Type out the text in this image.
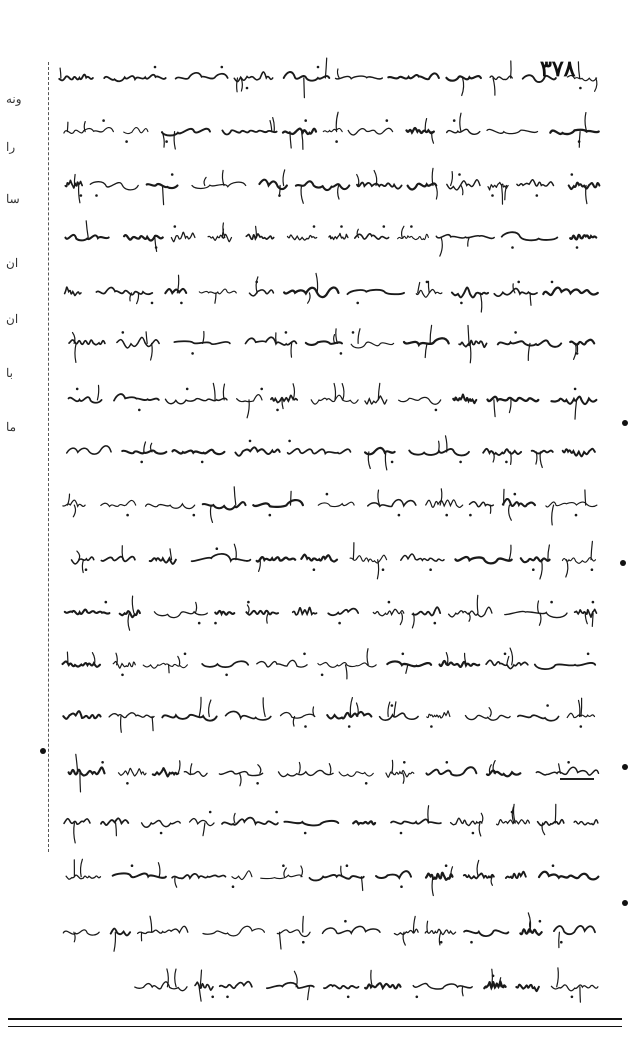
۳۷۸
ونه
را
سا
ان
ان
با
ما
